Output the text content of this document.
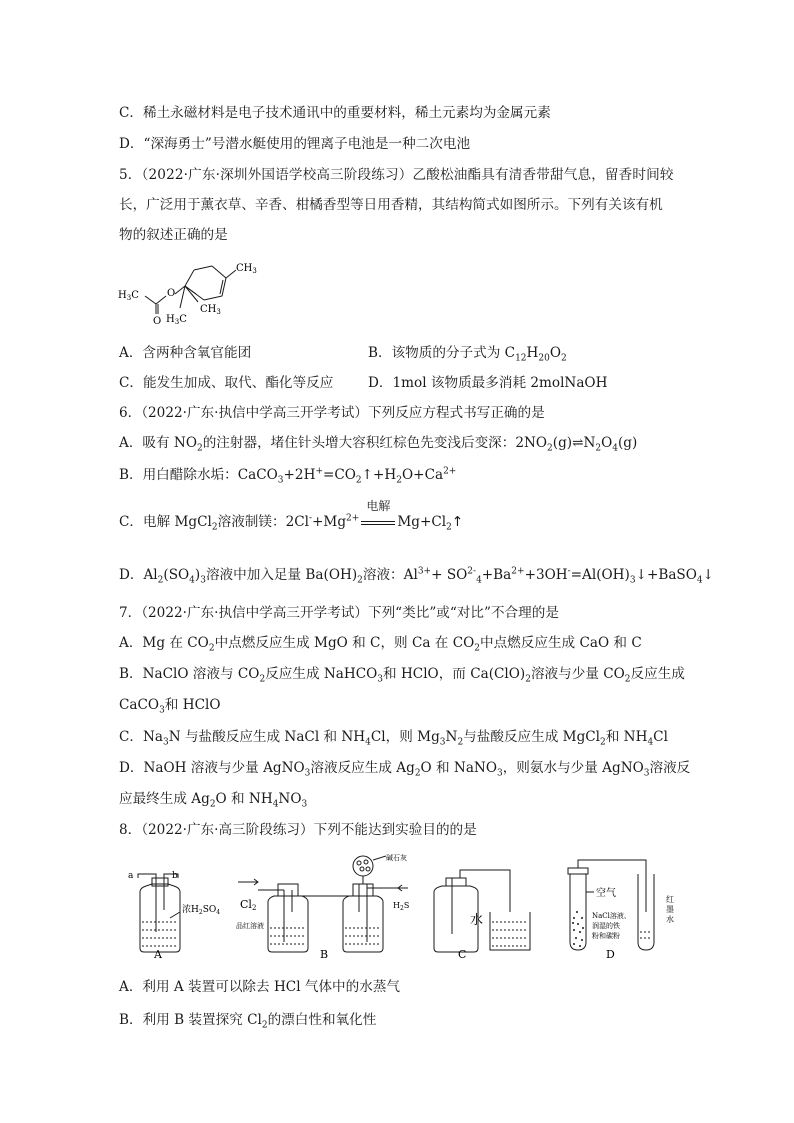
C．稀土永磁材料是电子技术通讯中的重要材料，稀土元素均为金属元素
D．“深海勇士”号潜水艇使用的锂离子电池是一种二次电池
5．（2022·广东·深圳外国语学校高三阶段练习）乙酸松油酯具有清香带甜气息，留香时间较
长，广泛用于薰衣草、辛香、柑橘香型等日用香精，其结构简式如图所示。下列有关该有机
物的叙述正确的是
$H_3C$	O
O
$CH_3$
$CH_3$
$H_3C$
A．含两种含氧官能团	B．该物质的分子式为 $C_{12}H_{20}O_2$
C．能发生加成、取代、酯化等反应	D．1mol 该物质最多消耗 2molNaOH
6．（2022·广东·执信中学高三开学考试）下列反应方程式书写正确的是
A．吸有 $NO_2$的注射器，堵住针头增大容积红棕色先变浅后变深：$2NO_2(g)\rightleftharpoons N_2O_4(g)$
B．用白醋除水垢：$CaCO_3+2H^+=CO_2↑+H_2O+Ca^{2+}$
C．电解 MgCl$_2$溶液制镁：$2Cl^-+Mg^{2+}$
电解
$Mg+Cl_2↑$
D．$Al_2(SO_4)_3$溶液中加入足量 $Ba(OH)_2$溶液：$Al^{3+}+$ $SO^{2-}_4+Ba^{2+}+3OH^-=Al(OH)_3↓+BaSO_4↓$
7．（2022·广东·执信中学高三开学考试）下列“类比”或“对比”不合理的是
A．Mg 在 $CO_2$中点燃反应生成 MgO 和 C，则 Ca 在 $CO_2$中点燃反应生成 CaO 和 C
B．NaClO 溶液与 $CO_2$反应生成 NaHCO$_3$和 HClO，而 $Ca(ClO)_2$溶液与少量 $CO_2$反应生成
CaCO$_3$和 HClO
C．$Na_3N$ 与盐酸反应生成 NaCl 和 $NH_4Cl$，则 $Mg_3N_2$与盐酸反应生成 MgCl$_2$和 $NH_4Cl$
D．NaOH 溶液与少量 AgNO$_3$溶液反应生成 $Ag_2O$ 和 NaNO$_3$，则氨水与少量 AgNO$_3$溶液反
应最终生成 $Ag_2O$ 和 $NH_4NO_3$
8．（2022·广东·高三阶段练习）下列不能达到实验目的的是
a	b
浓$H_2SO_4$
A
Cl2
品红溶液
碱石灰
$H_2S$
B
水
C
空气
NaCl溶液、
润湿的铁
粉和碳粉
红
墨
水
D
A．利用 A 装置可以除去 HCl 气体中的水蒸气
B．利用 B 装置探究 $Cl_2$的漂白性和氧化性
